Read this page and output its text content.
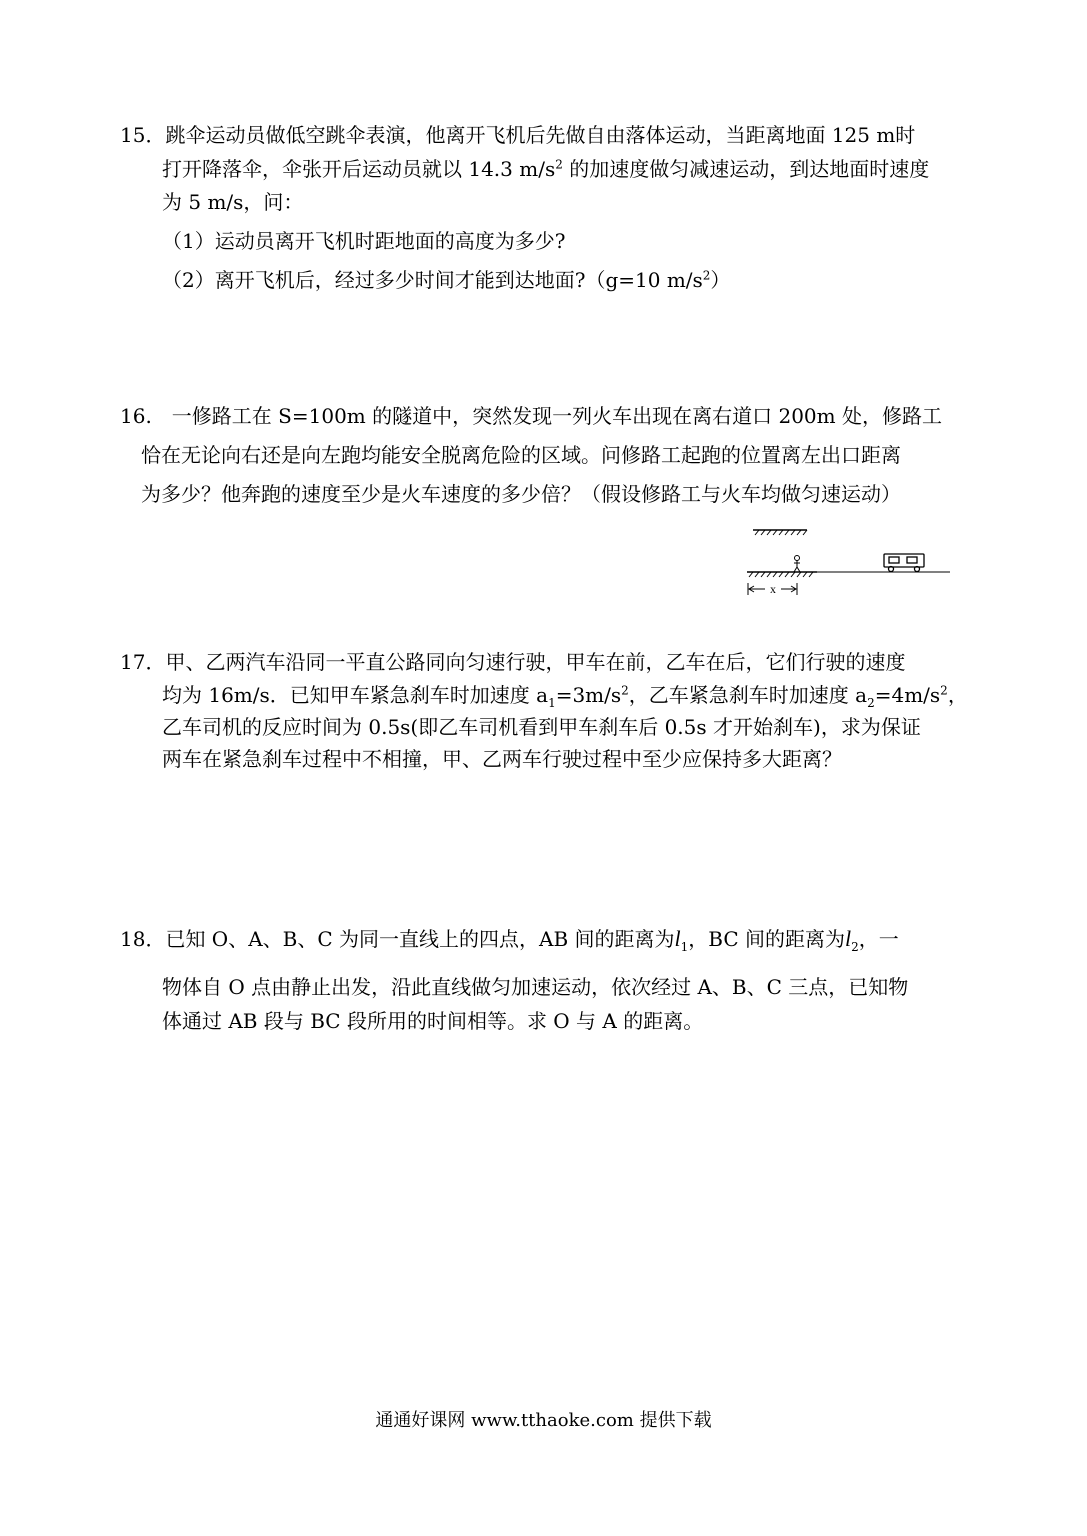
15．跳伞运动员做低空跳伞表演，他离开飞机后先做自由落体运动，当距离地面 125 m时
打开降落伞，伞张开后运动员就以 14.3 $m/s^2$ 的加速度做匀减速运动，到达地面时速度
为 5 m/s，问：
（1）运动员离开飞机时距地面的高度为多少?
（2）离开飞机后，经过多少时间才能到达地面?（g=10 $m/s^2$）
16.　一修路工在 S=100m 的隧道中，突然发现一列火车出现在离右道口 200m 处，修路工
恰在无论向右还是向左跑均能安全脱离危险的区域。问修路工起跑的位置离左出口距离
为多少？他奔跑的速度至少是火车速度的多少倍？（假设修路工与火车均做匀速运动）
x
17．甲、乙两汽车沿同一平直公路同向匀速行驶，甲车在前，乙车在后，它们行驶的速度
均为 16m/s．已知甲车紧急刹车时加速度 $a_1=3m/s^2$，乙车紧急刹车时加速度 $a_2=4m/s^2$，
乙车司机的反应时间为 0.5s(即乙车司机看到甲车刹车后 0.5s 才开始刹车)，求为保证
两车在紧急刹车过程中不相撞，甲、乙两车行驶过程中至少应保持多大距离？
18．已知 O、A、B、C 为同一直线上的四点，AB 间的距离为$l_1$，BC 间的距离为$l_2$，一
物体自 O 点由静止出发，沿此直线做匀加速运动，依次经过 A、B、C 三点，已知物
体通过 AB 段与 BC 段所用的时间相等。求 O 与 A 的距离。
通通好课网 www.tthaoke.com 提供下载
